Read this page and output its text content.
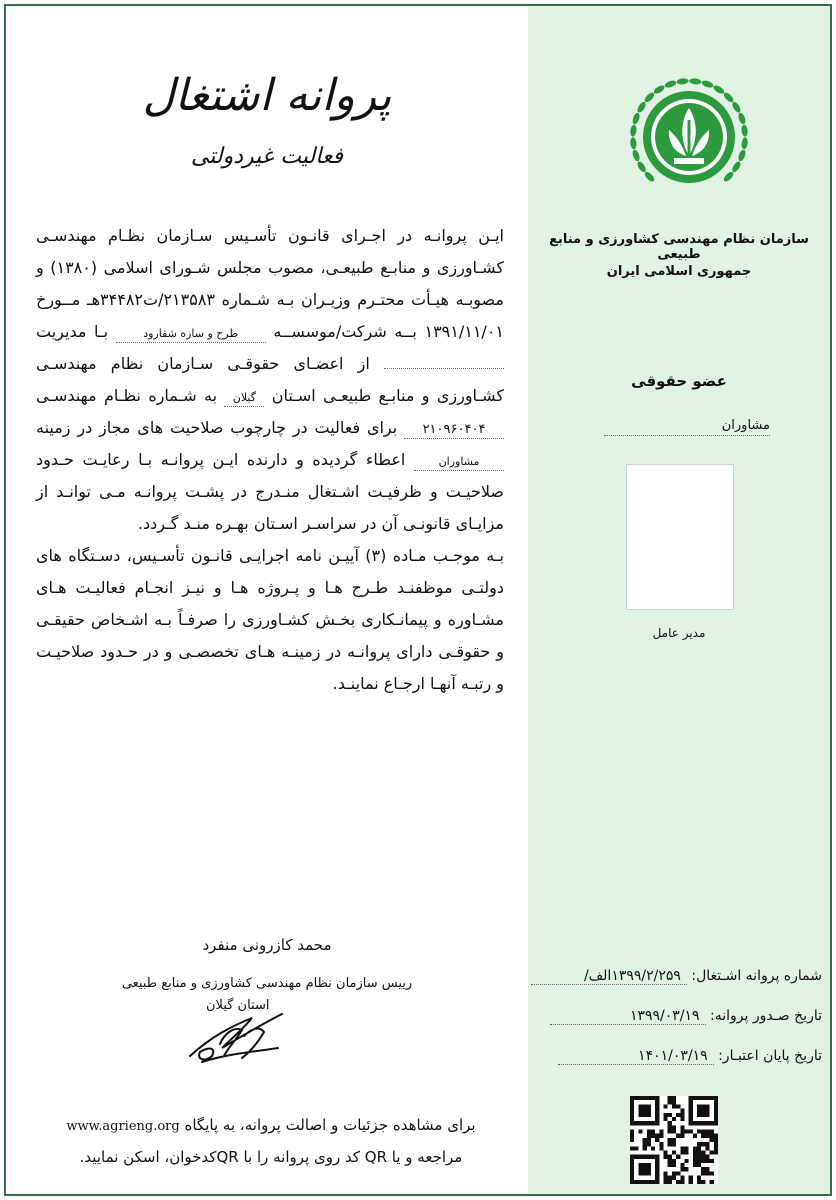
پروانه اشتغال
فعالیت غیردولتی

ایـن پروانـه در اجـرای قانـون تأسـیس سـازمان نظـام مهندسـی کشـاورزی و منابـع طبیعـی، مصوب مجلس شـورای اسلامی (۱۳۸۰) و مصوبـه هیـأت محتـرم وزیـران بـه شـماره ۲۱۳۵۸۳/ت۳۴۴۸۲هـ مــورخ ۱۳۹۱/۱۱/۰۱ بــه شرکت/موسســه طرح و سازه شفارود بـا مدیریت  از اعضـای حقوقـی سـازمان نظام مهندسـی کشـاورزی و منابـع طبیعـی اسـتان گیلان به شـماره نظـام مهندسـی ۲۱۰۹۶۰۴۰۴ برای فعالیت در چارچوب صلاحیت های مجاز در زمینه مشاوران اعطاء گردیده و دارنده ایـن پروانـه بـا رعایـت حـدود صلاحیـت و ظرفیـت اشـتغال منـدرج در پشـت پروانـه مـی توانـد از مزایـای قانونـی آن در سراسـر اسـتان بهـره منـد گـردد.

بـه موجـب مـاده (۳) آییـن نامه اجرایـی قانـون تأسـیس، دسـتگاه های دولتـی موظفنـد طـرح هـا و پـروژه هـا و نیـز انجـام فعالیـت هـای مشـاوره و پیمانـکاری بخـش کشـاورزی را صرفـاً بـه اشـخاص حقیقـی و حقوقـی دارای پروانـه در زمینـه هـای تخصصـی و در حـدود صلاحیـت و رتبـه آنهـا ارجـاع نماینـد.

محمد کازرونی منفرد
رییس سازمان نظام مهندسی کشاورزی و منابع طبیعی
استان گیلان
برای مشاهده جزئیات و اصالت پروانه، به پایگاه www.agrieng.org
مراجعه و یا QR کد روی پروانه را با QRکدخوان، اسکن نمایید.
سازمان نظام مهندسی کشاورزی و منابع طبیعی
جمهوری اسلامی ایران
عضو حقوقی
مشاوران
مدیر عامل
شماره پروانه اشـتغال: ۱۳۹۹/۲/۲۵۹الف/
تاریخ صـدور پروانه: ۱۳۹۹/۰۳/۱۹
تاریخ پایان اعتبـار: ۱۴۰۱/۰۳/۱۹
